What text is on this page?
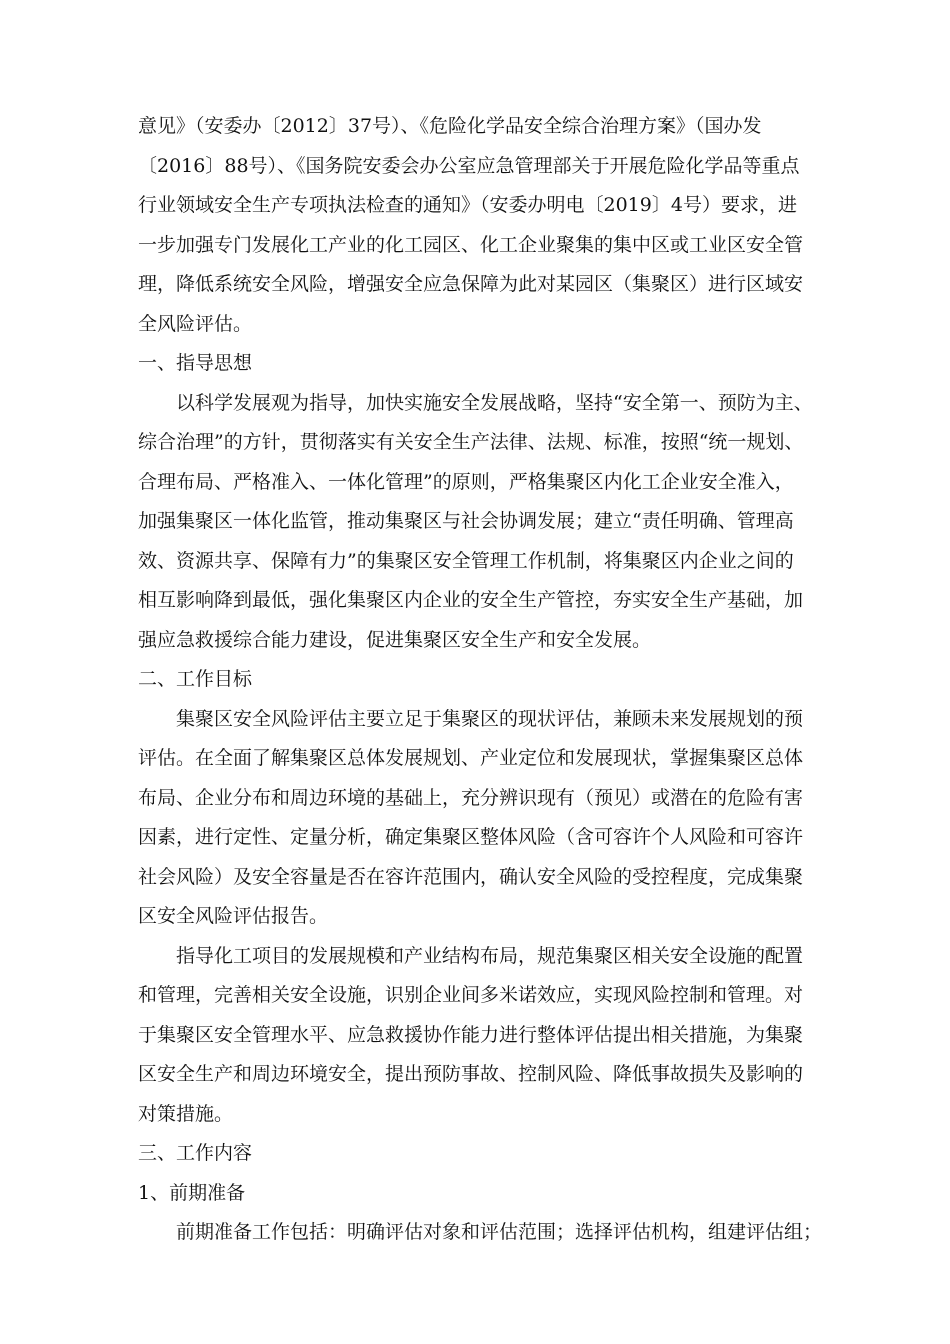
意见》（安委办〔2012〕37号）、《危险化学品安全综合治理方案》（国办发
〔2016〕88号）、《国务院安委会办公室应急管理部关于开展危险化学品等重点
行业领域安全生产专项执法检查的通知》（安委办明电〔2019〕4号）要求，进
一步加强专门发展化工产业的化工园区、化工企业聚集的集中区或工业区安全管
理，降低系统安全风险，增强安全应急保障为此对某园区（集聚区）进行区域安
全风险评估。
一、指导思想
以科学发展观为指导，加快实施安全发展战略，坚持“安全第一、预防为主、
综合治理”的方针，贯彻落实有关安全生产法律、法规、标准，按照“统一规划、
合理布局、严格准入、一体化管理”的原则，严格集聚区内化工企业安全准入，
加强集聚区一体化监管，推动集聚区与社会协调发展；建立“责任明确、管理高
效、资源共享、保障有力”的集聚区安全管理工作机制，将集聚区内企业之间的
相互影响降到最低，强化集聚区内企业的安全生产管控，夯实安全生产基础，加
强应急救援综合能力建设，促进集聚区安全生产和安全发展。
二、工作目标
集聚区安全风险评估主要立足于集聚区的现状评估，兼顾未来发展规划的预
评估。在全面了解集聚区总体发展规划、产业定位和发展现状，掌握集聚区总体
布局、企业分布和周边环境的基础上，充分辨识现有（预见）或潜在的危险有害
因素，进行定性、定量分析，确定集聚区整体风险（含可容许个人风险和可容许
社会风险）及安全容量是否在容许范围内，确认安全风险的受控程度，完成集聚
区安全风险评估报告。
指导化工项目的发展规模和产业结构布局，规范集聚区相关安全设施的配置
和管理，完善相关安全设施，识别企业间多米诺效应，实现风险控制和管理。对
于集聚区安全管理水平、应急救援协作能力进行整体评估提出相关措施，为集聚
区安全生产和周边环境安全，提出预防事故、控制风险、降低事故损失及影响的
对策措施。
三、工作内容
1、前期准备
前期准备工作包括：明确评估对象和评估范围；选择评估机构，组建评估组；
